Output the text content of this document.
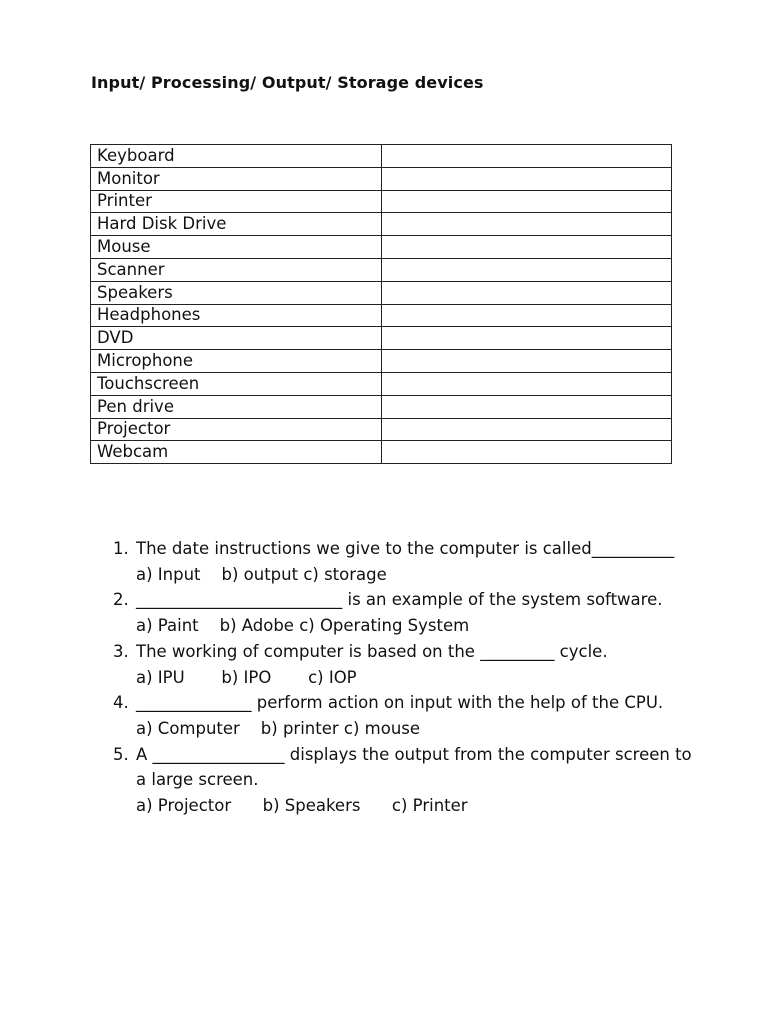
Input/ Processing/ Output/ Storage devices
Keyboard	
Monitor	
Printer	
Hard Disk Drive	
Mouse	
Scanner	
Speakers	
Headphones	
DVD	
Microphone	
Touchscreen	
Pen drive	
Projector	
Webcam	
1. The date instructions we give to the computer is called__________
a) Input    b) output c) storage
2. _________________________ is an example of the system software.
a) Paint    b) Adobe c) Operating System
3. The working of computer is based on the _________ cycle.
a) IPU       b) IPO       c) IOP
4. ______________ perform action on input with the help of the CPU.
a) Computer    b) printer c) mouse
5. A ________________ displays the output from the computer screen to a large screen.
a) Projector      b) Speakers      c) Printer
